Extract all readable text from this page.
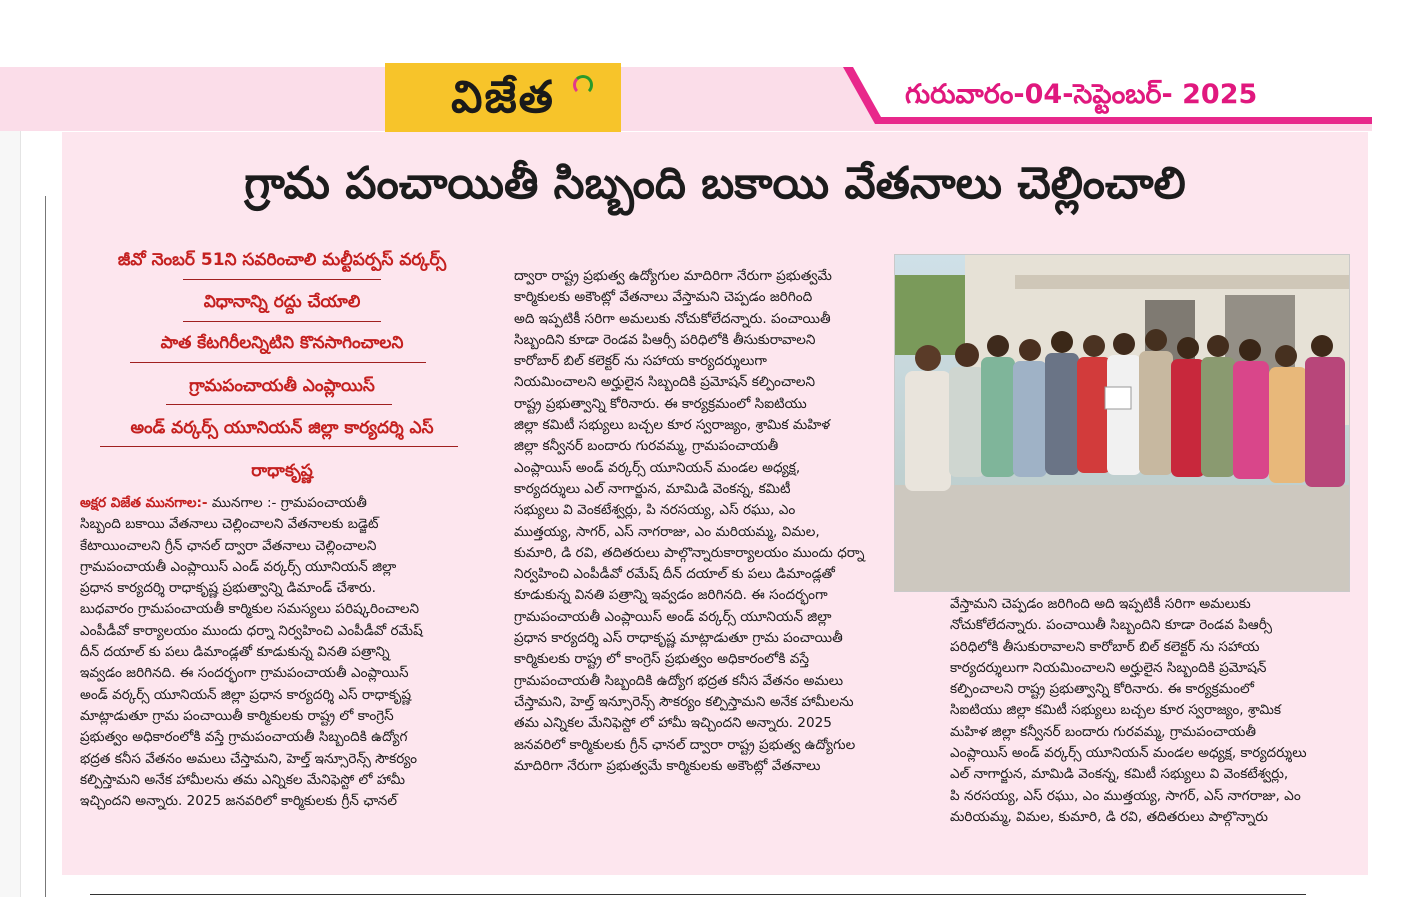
విజేత	గురువారం-04-సెప్టెంబర్- 2025
గ్రామ పంచాయితీ సిబ్బంది బకాయి వేతనాలు చెల్లించాలి
జీవో నెంబర్ 51ని సవరించాలి మల్టీపర్పస్ వర్కర్స్
విధానాన్ని రద్దు చేయాలి
పాత కేటగిరీలన్నిటిని కొనసాగించాలని
గ్రామపంచాయతీ ఎంప్లాయిస్
అండ్ వర్కర్స్ యూనియన్ జిల్లా కార్యదర్శి ఎస్
రాధాకృష్ణ
అక్షర విజేత మునగాల:- మునగాల :- గ్రామపంచాయతీ
సిబ్బంది బకాయి వేతనాలు చెల్లించాలని వేతనాలకు బడ్జెట్
కేటాయించాలని గ్రీన్ ఛానల్ ద్వారా వేతనాలు చెల్లించాలని
గ్రామపంచాయతీ ఎంప్లాయిస్ ఎండ్ వర్కర్స్ యూనియన్ జిల్లా
ప్రధాన కార్యదర్శి రాధాకృష్ణ ప్రభుత్వాన్ని డిమాండ్ చేశారు.
బుధవారం గ్రామపంచాయతీ కార్మికుల సమస్యలు పరిష్కరించాలని
ఎంపీడీవో కార్యాలయం ముందు ధర్నా నిర్వహించి ఎంపీడీవో రమేష్
దీన్ దయాల్ కు పలు డిమాండ్లతో కూడుకున్న వినతి పత్రాన్ని
ఇవ్వడం జరిగినది. ఈ సందర్భంగా గ్రామపంచాయతీ ఎంప్లాయిస్
అండ్ వర్కర్స్ యూనియన్ జిల్లా ప్రధాన కార్యదర్శి ఎస్ రాధాకృష్ణ
మాట్లాడుతూ గ్రామ పంచాయితీ కార్మికులకు రాష్ట్ర లో కాంగ్రెస్
ప్రభుత్వం అధికారంలోకి వస్తే గ్రామపంచాయతీ సిబ్బందికి ఉద్యోగ
భద్రత కనీస వేతనం అమలు చేస్తామని, హెల్త్ ఇన్సూరెన్స్ సౌకర్యం
కల్పిస్తామని అనేక హామీలను తమ ఎన్నికల మేనిఫెస్టో లో హామీ
ఇచ్చిందని అన్నారు. 2025 జనవరిలో కార్మికులకు గ్రీన్ ఛానల్
ద్వారా రాష్ట్ర ప్రభుత్వ ఉద్యోగుల మాదిరిగా నేరుగా ప్రభుత్వమే
కార్మికులకు అకౌంట్లో వేతనాలు వేస్తామని చెప్పడం జరిగింది
అది ఇప్పటికీ సరిగా అమలుకు నోచుకోలేదన్నారు. పంచాయితీ
సిబ్బందిని కూడా రెండవ పిఆర్సీ పరిధిలోకి తీసుకురావాలని
కారోబార్ బిల్ కలెక్టర్ ను సహాయ కార్యదర్శులుగా
నియమించాలని అర్హులైన సిబ్బందికి ప్రమోషన్ కల్పించాలని
రాష్ట్ర ప్రభుత్వాన్ని కోరినారు. ఈ కార్యక్రమంలో సిఐటియు
జిల్లా కమిటీ సభ్యులు బచ్చల కూర స్వరాజ్యం, శ్రామిక మహిళ
జిల్లా కన్వీనర్ బందారు గురవమ్మ, గ్రామపంచాయతీ
ఎంప్లాయిస్ అండ్ వర్కర్స్ యూనియన్ మండల అధ్యక్ష,
కార్యదర్శులు ఎల్ నాగార్జున, మామిడి వెంకన్న, కమిటీ
సభ్యులు వి వెంకటేశ్వర్లు, పి నరసయ్య, ఎస్ రఘు, ఎం
ముత్తయ్య, సాగర్, ఎస్ నాగరాజు, ఎం మరియమ్మ, విమల,
కుమారి, డి రవి, తదితరులు పాల్గొన్నారుకార్యాలయం ముందు ధర్నా
నిర్వహించి ఎంపీడీవో రమేష్ దీన్ దయాల్ కు పలు డిమాండ్లతో
కూడుకున్న వినతి పత్రాన్ని ఇవ్వడం జరిగినది. ఈ సందర్భంగా
గ్రామపంచాయతీ ఎంప్లాయిస్ అండ్ వర్కర్స్ యూనియన్ జిల్లా
ప్రధాన కార్యదర్శి ఎస్ రాధాకృష్ణ మాట్లాడుతూ గ్రామ పంచాయితీ
కార్మికులకు రాష్ట్ర లో కాంగ్రెస్ ప్రభుత్వం అధికారంలోకి వస్తే
గ్రామపంచాయతీ సిబ్బందికి ఉద్యోగ భద్రత కనీస వేతనం అమలు
చేస్తామని, హెల్త్ ఇన్సూరెన్స్ సౌకర్యం కల్పిస్తామని అనేక హామీలను
తమ ఎన్నికల మేనిఫెస్టో లో హామీ ఇచ్చిందని అన్నారు. 2025
జనవరిలో కార్మికులకు గ్రీన్ ఛానల్ ద్వారా రాష్ట్ర ప్రభుత్వ ఉద్యోగుల
మాదిరిగా నేరుగా ప్రభుత్వమే కార్మికులకు అకౌంట్లో వేతనాలు
వేస్తామని చెప్పడం జరిగింది అది ఇప్పటికీ సరిగా అమలుకు
నోచుకోలేదన్నారు. పంచాయితీ సిబ్బందిని కూడా రెండవ పిఆర్సీ
పరిధిలోకి తీసుకురావాలని కారోబార్ బిల్ కలెక్టర్ ను సహాయ
కార్యదర్శులుగా నియమించాలని అర్హులైన సిబ్బందికి ప్రమోషన్
కల్పించాలని రాష్ట్ర ప్రభుత్వాన్ని కోరినారు. ఈ కార్యక్రమంలో
సిఐటియు జిల్లా కమిటీ సభ్యులు బచ్చల కూర స్వరాజ్యం, శ్రామిక
మహిళ జిల్లా కన్వీనర్ బందారు గురవమ్మ, గ్రామపంచాయతీ
ఎంప్లాయిస్ అండ్ వర్కర్స్ యూనియన్ మండల అధ్యక్ష, కార్యదర్శులు
ఎల్ నాగార్జున, మామిడి వెంకన్న, కమిటీ సభ్యులు వి వెంకటేశ్వర్లు,
పి నరసయ్య, ఎస్ రఘు, ఎం ముత్తయ్య, సాగర్, ఎస్ నాగరాజు, ఎం
మరియమ్మ, విమల, కుమారి, డి రవి, తదితరులు పాల్గొన్నారు
